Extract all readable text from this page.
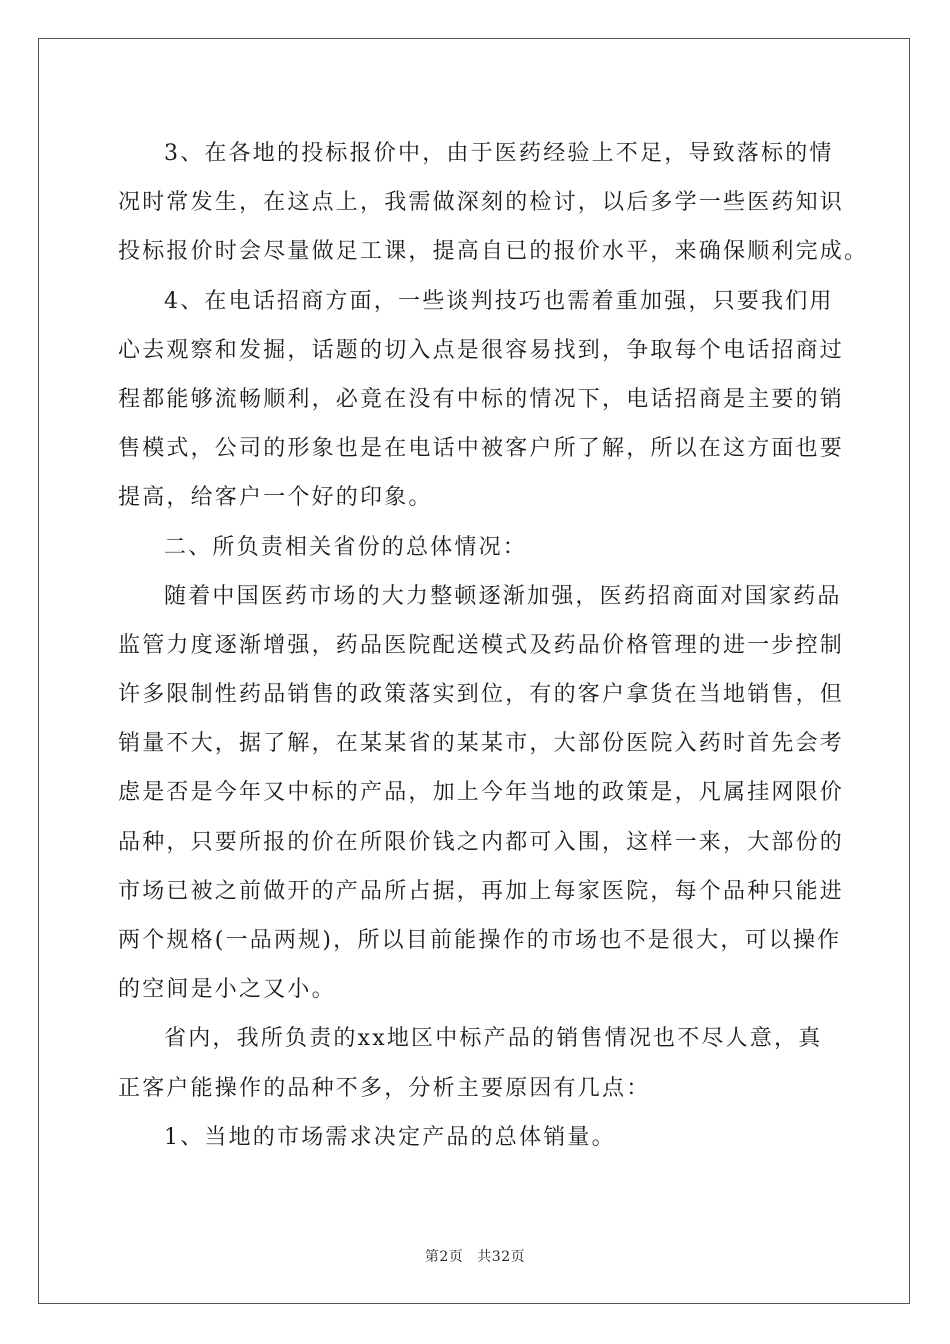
3、在各地的投标报价中，由于医药经验上不足，导致落标的情
况时常发生，在这点上，我需做深刻的检讨，以后多学一些医药知识
投标报价时会尽量做足工课，提高自已的报价水平，来确保顺利完成。
4、在电话招商方面，一些谈判技巧也需着重加强，只要我们用
心去观察和发掘，话题的切入点是很容易找到，争取每个电话招商过
程都能够流畅顺利，必竟在没有中标的情况下，电话招商是主要的销
售模式，公司的形象也是在电话中被客户所了解，所以在这方面也要
提高，给客户一个好的印象。
二、所负责相关省份的总体情况：
随着中国医药市场的大力整顿逐渐加强，医药招商面对国家药品
监管力度逐渐增强，药品医院配送模式及药品价格管理的进一步控制
许多限制性药品销售的政策落实到位，有的客户拿货在当地销售，但
销量不大，据了解，在某某省的某某市，大部份医院入药时首先会考
虑是否是今年又中标的产品，加上今年当地的政策是，凡属挂网限价
品种，只要所报的价在所限价钱之内都可入围，这样一来，大部份的
市场已被之前做开的产品所占据，再加上每家医院，每个品种只能进
两个规格(一品两规)，所以目前能操作的市场也不是很大，可以操作
的空间是小之又小。
省内，我所负责的xx地区中标产品的销售情况也不尽人意，真
正客户能操作的品种不多，分析主要原因有几点：
1、当地的市场需求决定产品的总体销量。
第2页 共32页
